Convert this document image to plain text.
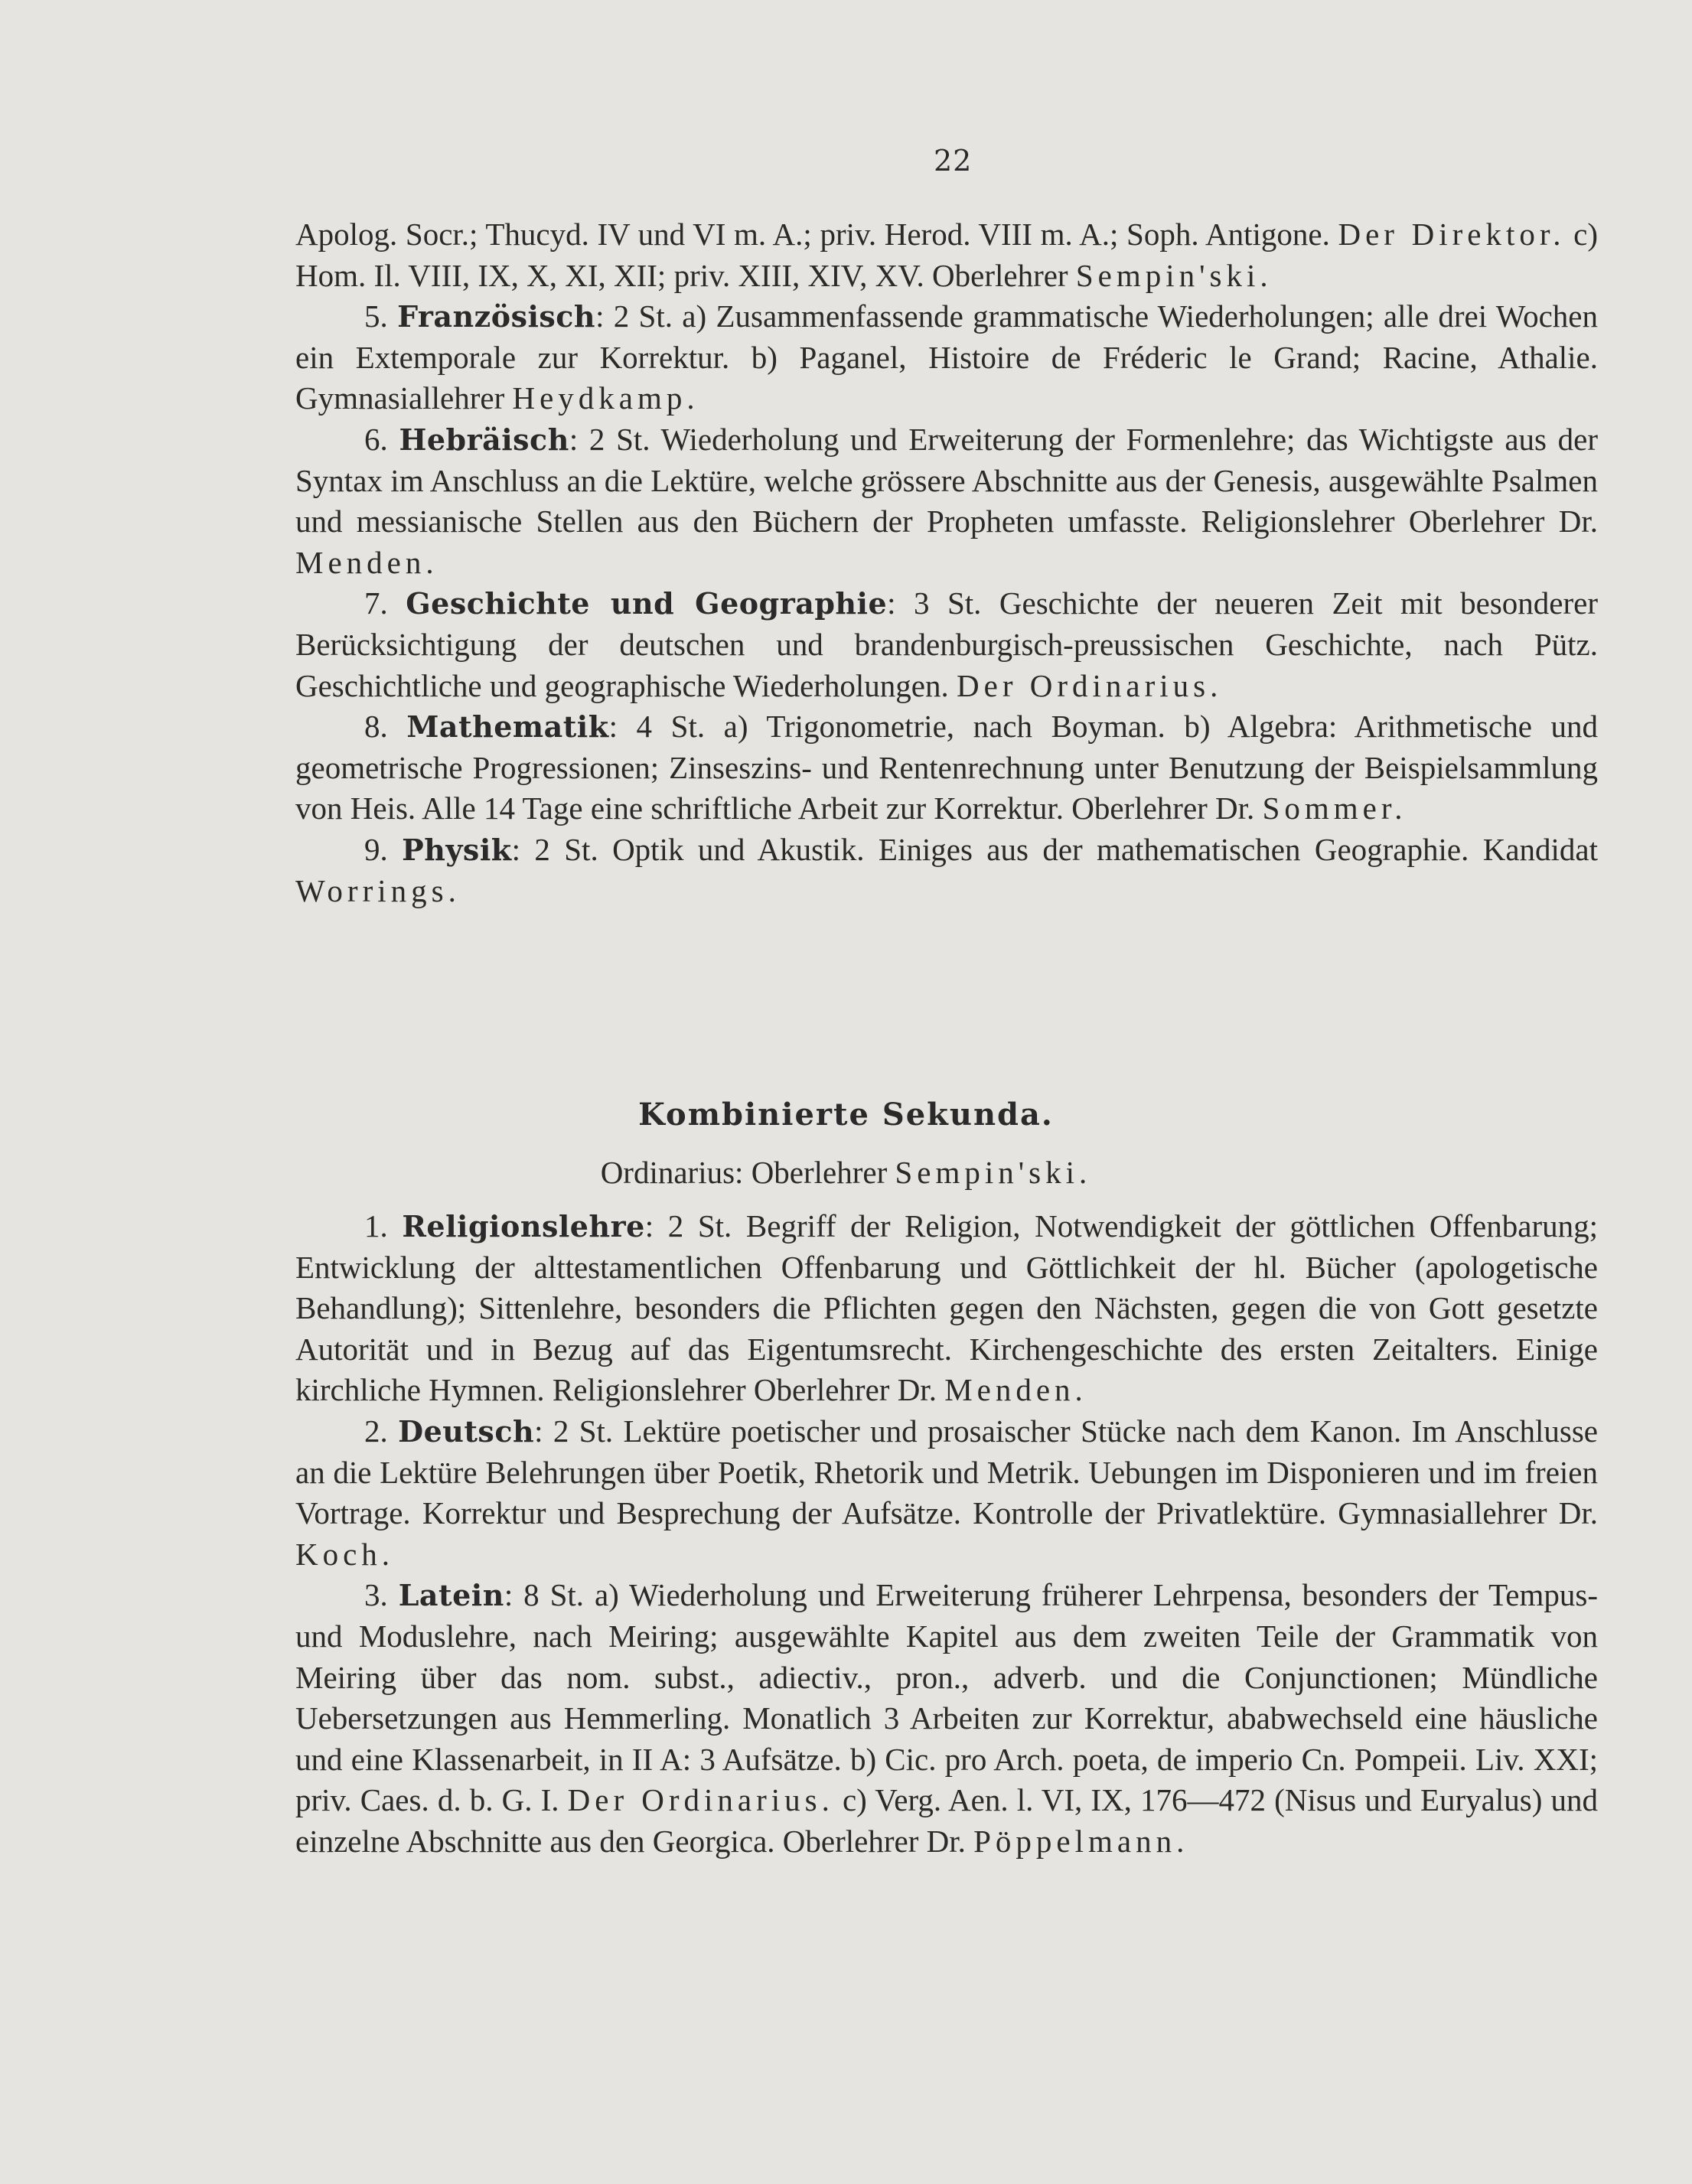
22

Apolog. Socr.; Thucyd. IV und VI m. A.; priv. Herod. VIII m. A.; Soph. Antigone. Der Direktor. c) Hom. Il. VIII, IX, X, XI, XII; priv. XIII, XIV, XV. Oberlehrer Sempin'ski.

5. Französisch: 2 St. a) Zusammenfassende grammatische Wiederholungen; alle drei Wochen ein Extemporale zur Korrektur. b) Paganel, Histoire de Fréderic le Grand; Racine, Athalie. Gymnasiallehrer Heydkamp.

6. Hebräisch: 2 St. Wiederholung und Erweiterung der Formenlehre; das Wichtigste aus der Syntax im Anschluss an die Lektüre, welche grössere Abschnitte aus der Genesis, ausgewählte Psalmen und messianische Stellen aus den Büchern der Propheten umfasste. Religionslehrer Oberlehrer Dr. Menden.

7. Geschichte und Geographie: 3 St. Geschichte der neueren Zeit mit besonderer Berücksichtigung der deutschen und brandenburgisch-preussischen Geschichte, nach Pütz. Geschichtliche und geographische Wiederholungen. Der Ordinarius.

8. Mathematik: 4 St. a) Trigonometrie, nach Boyman. b) Algebra: Arithmetische und geometrische Progressionen; Zinseszins- und Rentenrechnung unter Benutzung der Beispielsammlung von Heis. Alle 14 Tage eine schriftliche Arbeit zur Korrektur. Oberlehrer Dr. Sommer.

9. Physik: 2 St. Optik und Akustik. Einiges aus der mathematischen Geographie. Kandidat Worrings.

Kombinierte Sekunda.
Ordinarius: Oberlehrer Sempin'ski.

1. Religionslehre: 2 St. Begriff der Religion, Notwendigkeit der göttlichen Offenbarung; Entwicklung der alttestamentlichen Offenbarung und Göttlichkeit der hl. Bücher (apologetische Behandlung); Sittenlehre, besonders die Pflichten gegen den Nächsten, gegen die von Gott gesetzte Autorität und in Bezug auf das Eigentumsrecht. Kirchengeschichte des ersten Zeitalters. Einige kirchliche Hymnen. Religionslehrer Oberlehrer Dr. Menden.

2. Deutsch: 2 St. Lektüre poetischer und prosaischer Stücke nach dem Kanon. Im Anschlusse an die Lektüre Belehrungen über Poetik, Rhetorik und Metrik. Uebungen im Disponieren und im freien Vortrage. Korrektur und Besprechung der Aufsätze. Kontrolle der Privatlektüre. Gymnasiallehrer Dr. Koch.

3. Latein: 8 St. a) Wiederholung und Erweiterung früherer Lehrpensa, besonders der Tempus- und Moduslehre, nach Meiring; ausgewählte Kapitel aus dem zweiten Teile der Grammatik von Meiring über das nom. subst., adiectiv., pron., adverb. und die Conjunctionen; Mündliche Uebersetzungen aus Hemmerling. Monatlich 3 Arbeiten zur Korrektur, ababwechseld eine häusliche und eine Klassenarbeit, in II A: 3 Aufsätze. b) Cic. pro Arch. poeta, de imperio Cn. Pompeii. Liv. XXI; priv. Caes. d. b. G. I. Der Ordinarius. c) Verg. Aen. l. VI, IX, 176—472 (Nisus und Euryalus) und einzelne Abschnitte aus den Georgica. Oberlehrer Dr. Pöppelmann.
